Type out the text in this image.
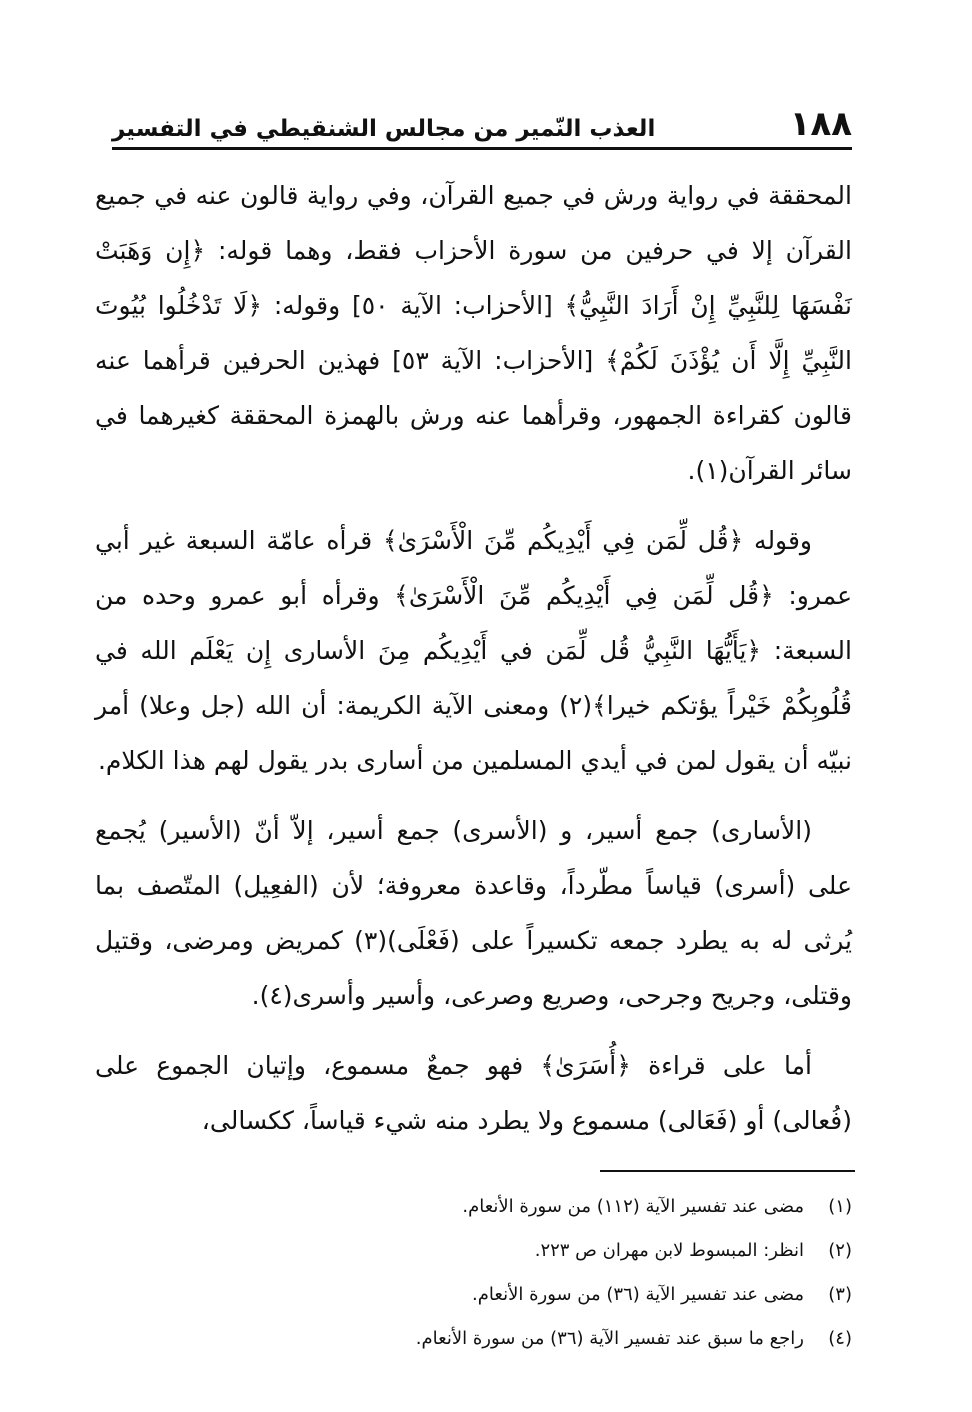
١٨٨
العذب النّمير من مجالس الشنقيطي في التفسير

المحققة في رواية ورش في جميع القرآن، وفي رواية قالون عنه في جميع القرآن إلا في حرفين من سورة الأحزاب فقط، وهما قوله: ﴿إِن وَهَبَتْ نَفْسَهَا لِلنَّبِيِّ إِنْ أَرَادَ النَّبِيُّ﴾ [الأحزاب: الآية ٥٠] وقوله: ﴿لَا تَدْخُلُوا بُيُوتَ النَّبِيِّ إِلَّا أَن يُؤْذَنَ لَكُمْ﴾ [الأحزاب: الآية ٥٣] فهذين الحرفين قرأهما عنه قالون كقراءة الجمهور، وقرأهما عنه ورش بالهمزة المحققة كغيرهما في سائر القرآن(١).

وقوله ﴿قُل لِّمَن فِي أَيْدِيكُم مِّنَ الْأَسْرَىٰ﴾ قرأه عامّة السبعة غير أبي عمرو: ﴿قُل لِّمَن فِي أَيْدِيكُم مِّنَ الْأَسْرَىٰ﴾ وقرأه أبو عمرو وحده من السبعة: ﴿يَأَيُّهَا النَّبِيُّ قُل لِّمَن في أَيْدِيكُم مِنَ الأسارى إِن يَعْلَم الله في قُلُوبِكُمْ خَيْراً يؤتكم خيرا﴾(٢) ومعنى الآية الكريمة: أن الله (جل وعلا) أمر نبيّه أن يقول لمن في أيدي المسلمين من أسارى بدر يقول لهم هذا الكلام.

(الأسارى) جمع أسير، و (الأسرى) جمع أسير، إلاّ أنّ (الأسير) يُجمع على (أسرى) قياساً مطّرداً، وقاعدة معروفة؛ لأن (الفعِيل) المتّصف بما يُرثى له به يطرد جمعه تكسيراً على (فَعْلَى)(٣) كمريض ومرضى، وقتيل وقتلى، وجريح وجرحى، وصريع وصرعى، وأسير وأسرى(٤).

أما على قراءة ﴿أُسَرَىٰ﴾ فهو جمعٌ مسموع، وإتيان الجموع على (فُعالى) أو (فَعَالى) مسموع ولا يطرد منه شيء قياساً، ككسالى،

(١)
مضى عند تفسير الآية (١١٢) من سورة الأنعام.
(٢)
انظر: المبسوط لابن مهران ص ٢٢٣.
(٣)
مضى عند تفسير الآية (٣٦) من سورة الأنعام.
(٤)
راجع ما سبق عند تفسير الآية (٣٦) من سورة الأنعام.
